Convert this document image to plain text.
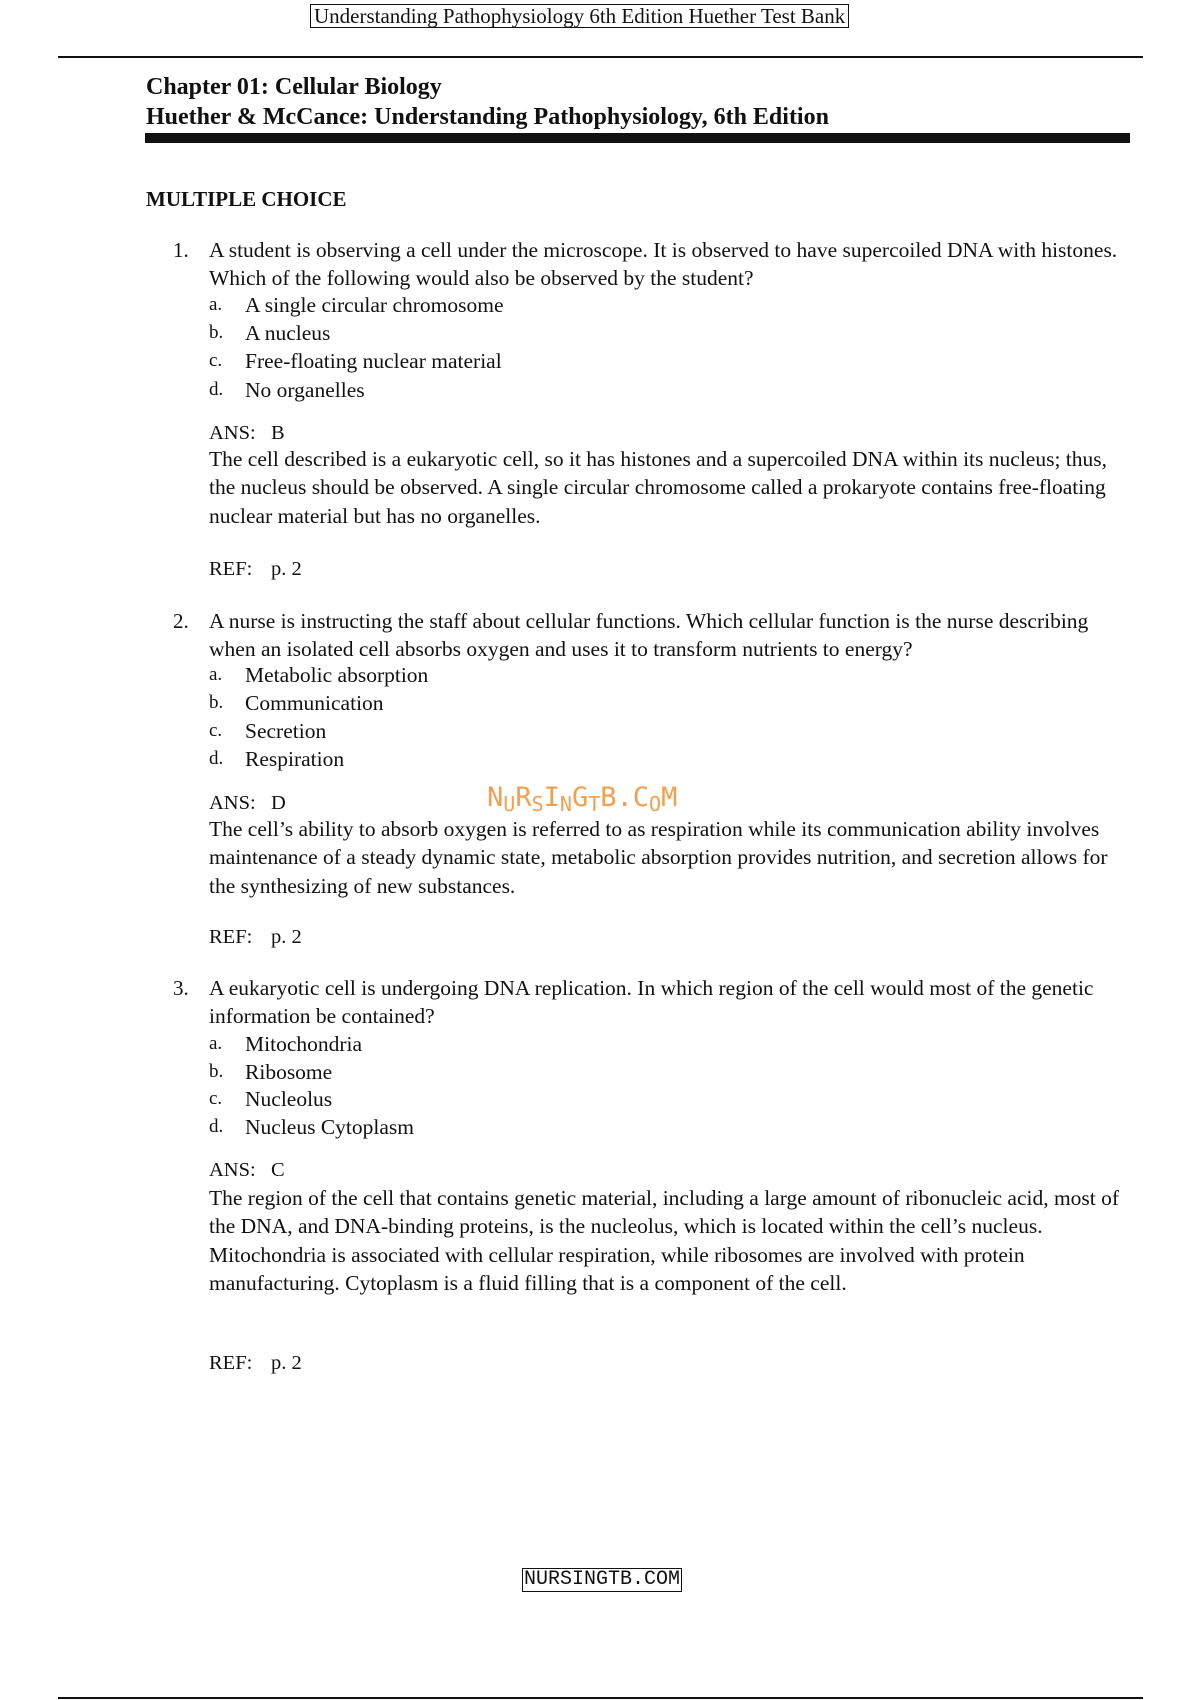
Understanding Pathophysiology 6th Edition Huether Test Bank
Chapter 01: Cellular Biology
Huether & McCance: Understanding Pathophysiology, 6th Edition
MULTIPLE CHOICE
1. A student is observing a cell under the microscope. It is observed to have supercoiled DNA with histones. Which of the following would also be observed by the student?
a. A single circular chromosome
b. A nucleus
c. Free-floating nuclear material
d. No organelles
ANS: B
The cell described is a eukaryotic cell, so it has histones and a supercoiled DNA within its nucleus; thus, the nucleus should be observed. A single circular chromosome called a prokaryote contains free-floating nuclear material but has no organelles.
REF: p. 2
2. A nurse is instructing the staff about cellular functions. Which cellular function is the nurse describing when an isolated cell absorbs oxygen and uses it to transform nutrients to energy?
a. Metabolic absorption
b. Communication
c. Secretion
d. Respiration
ANS: D
The cell’s ability to absorb oxygen is referred to as respiration while its communication ability involves maintenance of a steady dynamic state, metabolic absorption provides nutrition, and secretion allows for the synthesizing of new substances.
REF: p. 2
$N_UR_SI_NG_TB.C_OM$
3. A eukaryotic cell is undergoing DNA replication. In which region of the cell would most of the genetic information be contained?
a. Mitochondria
b. Ribosome
c. Nucleolus
d. Nucleus Cytoplasm
ANS: C
The region of the cell that contains genetic material, including a large amount of ribonucleic acid, most of the DNA, and DNA-binding proteins, is the nucleolus, which is located within the cell’s nucleus. Mitochondria is associated with cellular respiration, while ribosomes are involved with protein manufacturing. Cytoplasm is a fluid filling that is a component of the cell.
REF: p. 2
NURSINGTB.COM
